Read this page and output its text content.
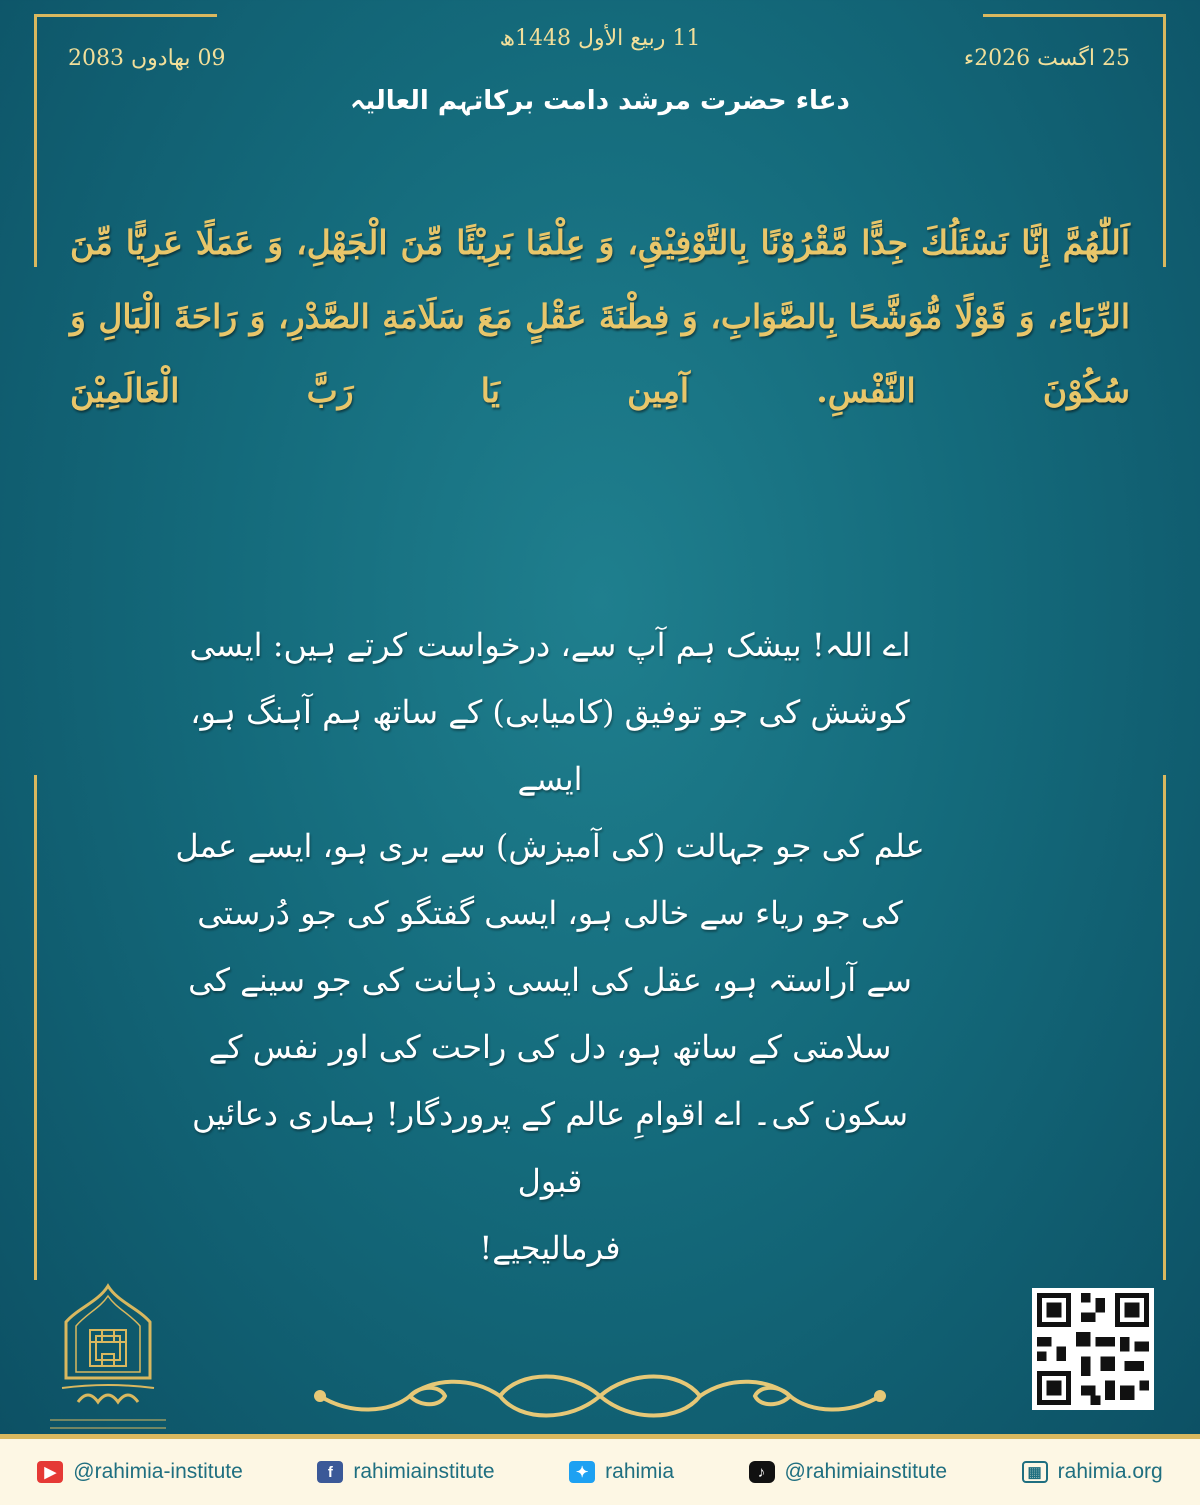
11 ربیع الأول 1448ھ
25 اگست 2026ء
09 بھادوں 2083
دعاء حضرت مرشد دامت برکاتہم العالیہ
اَللّٰھُمَّ إِنَّا نَسْئَلُكَ جِدًّا مَّقْرُوْنًا بِالتَّوْفِيْقِ، وَ عِلْمًا بَرِيْئًا مِّنَ الْجَهْلِ، وَ عَمَلًا عَرِيًّا مِّنَ الرِّيَاءِ، وَ قَوْلًا مُّوَشَّحًا بِالصَّوَابِ، وَ فِطْنَةَ عَقْلٍ مَعَ سَلَامَةِ الصَّدْرِ، وَ رَاحَةَ الْبَالِ وَ سُكُوْنَ النَّفْسِ. آمِین یَا رَبَّ الْعَالَمِیْنَ
اے اللہ! بیشک ہم آپ سے، درخواست کرتے ہیں: ایسی
کوشش کی جو توفیق (کامیابی) کے ساتھ ہم آہنگ ہو، ایسے
علم کی جو جہالت (کی آمیزش) سے بری ہو، ایسے عمل
کی جو ریاء سے خالی ہو، ایسی گفتگو کی جو دُرستی
سے آراستہ ہو، عقل کی ایسی ذہانت کی جو سینے کی
سلامتی کے ساتھ ہو، دل کی راحت کی اور نفس کے
سکون کی۔ اے اقوامِ عالم کے پروردگار! ہماری دعائیں قبول
فرمالیجیے!
▶ @rahimia-institute	f rahimiainstitute	✦ rahimia	♪ @rahimiainstitute	▦ rahimia.org
